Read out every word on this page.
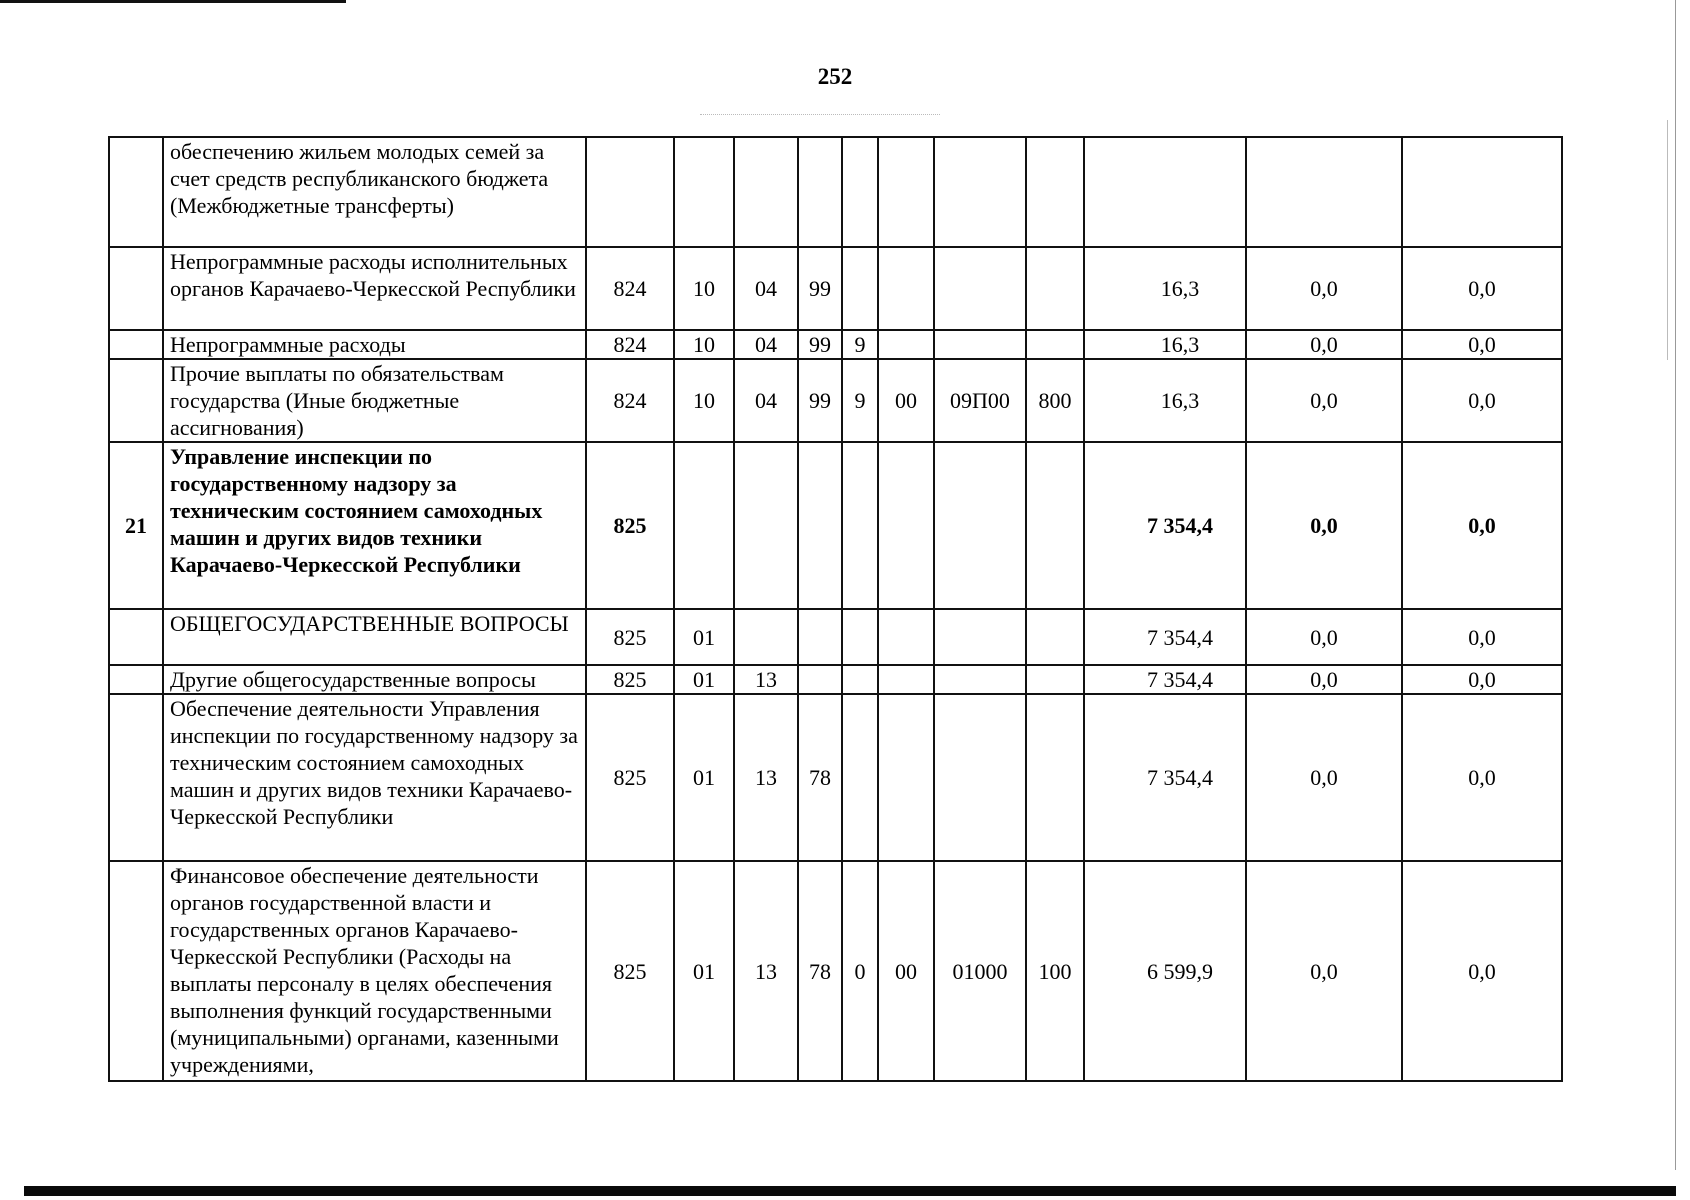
252
	обеспечению жильем молодых семей за счет средств республиканского бюджета (Межбюджетные трансферты)											
	Непрограммные расходы исполнительных органов Карачаево-Черкесской Республики	824	10	04	99					16,3	0,0	0,0
	Непрограммные расходы	824	10	04	99	9				16,3	0,0	0,0
	Прочие выплаты по обязательствам государства (Иные бюджетные ассигнования)	824	10	04	99	9	00	09П00	800	16,3	0,0	0,0
21	Управление инспекции по государственному надзору за техническим состоянием самоходных машин и других видов техники Карачаево-Черкесской Республики	825								7 354,4	0,0	0,0
	ОБЩЕГОСУДАРСТВЕННЫЕ ВОПРОСЫ	825	01							7 354,4	0,0	0,0
	Другие общегосударственные вопросы	825	01	13						7 354,4	0,0	0,0
	Обеспечение деятельности Управления инспекции по государственному надзору за техническим состоянием самоходных машин и других видов техники Карачаево-Черкесской Республики	825	01	13	78					7 354,4	0,0	0,0
	Финансовое обеспечение деятельности органов государственной власти и государственных органов Карачаево-Черкесской Республики (Расходы на выплаты персоналу в целях обеспечения выполнения функций государственными (муниципальными) органами, казенными учреждениями,	825	01	13	78	0	00	01000	100	6 599,9	0,0	0,0
